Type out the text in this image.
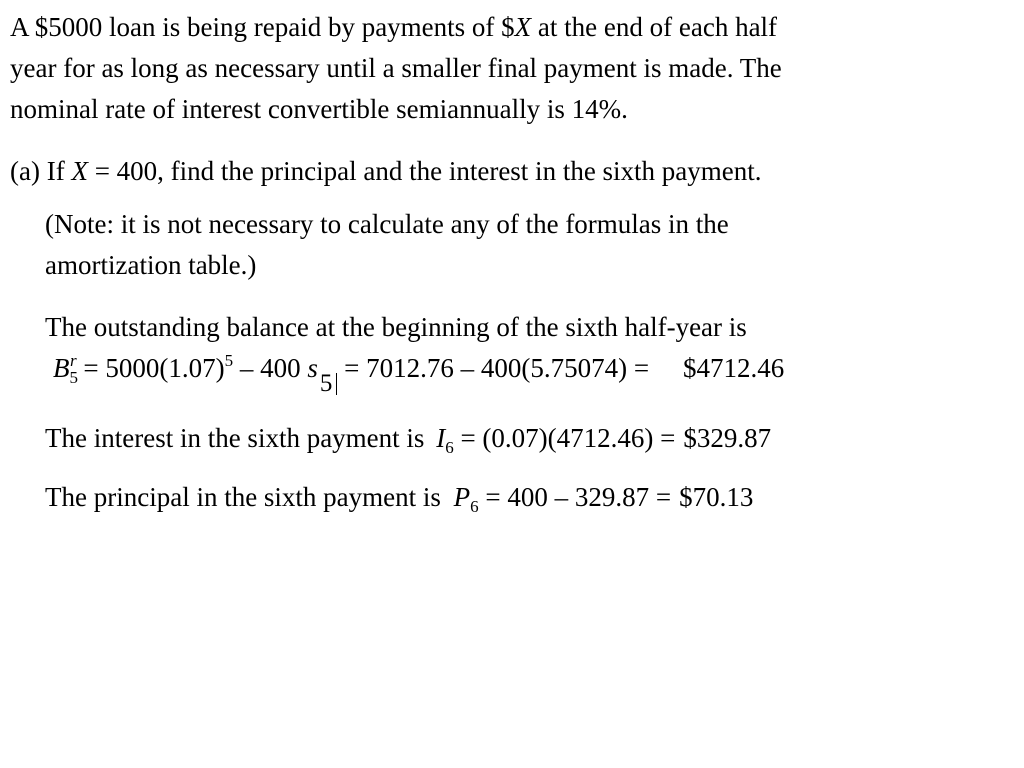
A $5000 loan is being repaid by payments of $X at the end of each half
year for as long as necessary until a smaller final payment is made. The
nominal rate of interest convertible semiannually is 14%.
(a) If X = 400, find the principal and the interest in the sixth payment.
(Note: it is not necessary to calculate any of the formulas in the
amortization table.)
The outstanding balance at the beginning of the sixth half-year is
$B_5^r = 5000(1.07)^5 - 400$ s5 = 7012.76 – 400(5.75074) = $4712.46
The interest in the sixth payment is $I_6 = (0.07)(4712.46)$ = $329.87
The principal in the sixth payment is $P_6 = 400 - 329.87$ = $70.13
